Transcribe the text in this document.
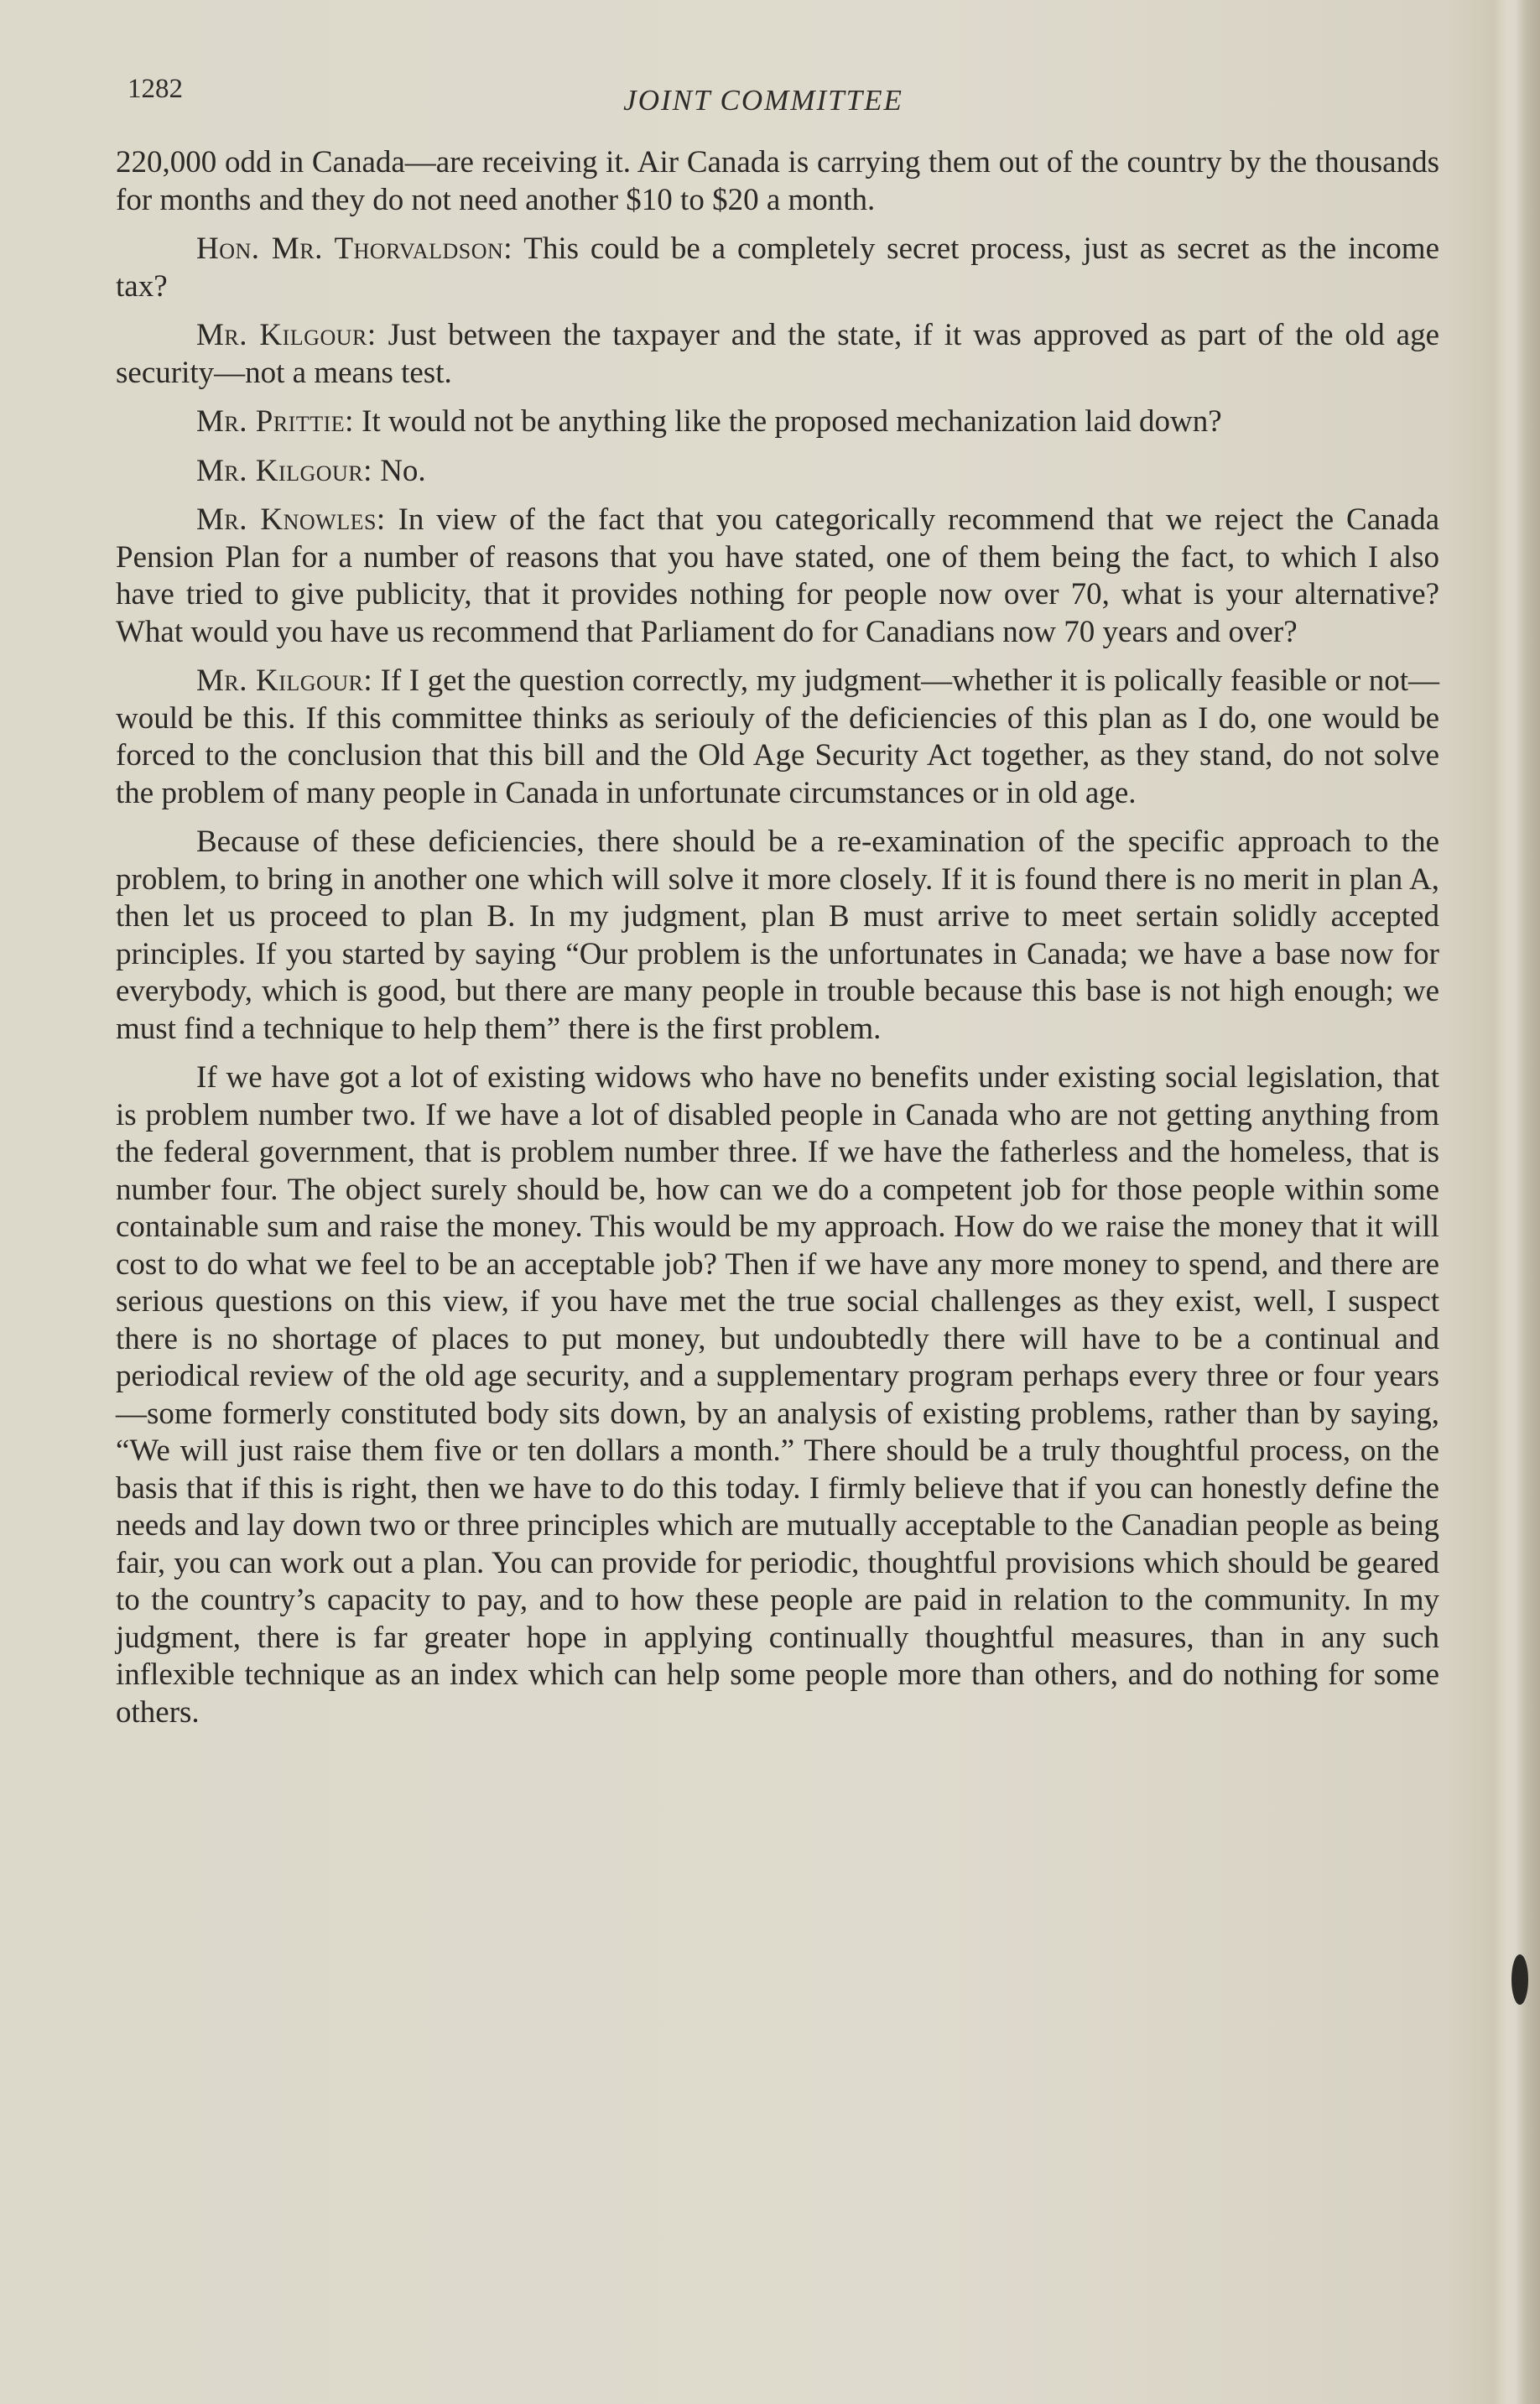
1282	JOINT COMMITTEE

220,000 odd in Canada—are receiving it. Air Canada is carrying them out of the country by the thousands for months and they do not need another $10 to $20 a month.

Hon. Mr. Thorvaldson: This could be a completely secret process, just as secret as the income tax?

Mr. Kilgour: Just between the taxpayer and the state, if it was approved as part of the old age security—not a means test.

Mr. Prittie: It would not be anything like the proposed mechanization laid down?

Mr. Kilgour: No.

Mr. Knowles: In view of the fact that you categorically recommend that we reject the Canada Pension Plan for a number of reasons that you have stated, one of them being the fact, to which I also have tried to give publicity, that it provides nothing for people now over 70, what is your alternative? What would you have us recommend that Parliament do for Canadians now 70 years and over?

Mr. Kilgour: If I get the question correctly, my judgment—whether it is polically feasible or not—would be this. If this committee thinks as seriouly of the deficiencies of this plan as I do, one would be forced to the conclusion that this bill and the Old Age Security Act together, as they stand, do not solve the problem of many people in Canada in unfortunate circumstances or in old age.

Because of these deficiencies, there should be a re-examination of the specific approach to the problem, to bring in another one which will solve it more closely. If it is found there is no merit in plan A, then let us proceed to plan B. In my judgment, plan B must arrive to meet sertain solidly accepted principles. If you started by saying “Our problem is the unfortunates in Canada; we have a base now for everybody, which is good, but there are many people in trouble because this base is not high enough; we must find a technique to help them” there is the first problem.

If we have got a lot of existing widows who have no benefits under existing social legislation, that is problem number two. If we have a lot of disabled people in Canada who are not getting anything from the federal government, that is problem number three. If we have the fatherless and the homeless, that is number four. The object surely should be, how can we do a competent job for those people within some containable sum and raise the money. This would be my approach. How do we raise the money that it will cost to do what we feel to be an acceptable job? Then if we have any more money to spend, and there are serious questions on this view, if you have met the true social challenges as they exist, well, I suspect there is no shortage of places to put money, but undoubtedly there will have to be a continual and periodical review of the old age security, and a supplementary program perhaps every three or four years—some formerly constituted body sits down, by an analysis of existing problems, rather than by saying, “We will just raise them five or ten dollars a month.” There should be a truly thoughtful process, on the basis that if this is right, then we have to do this today. I firmly believe that if you can honestly define the needs and lay down two or three principles which are mutually acceptable to the Canadian people as being fair, you can work out a plan. You can provide for periodic, thoughtful provisions which should be geared to the country’s capacity to pay, and to how these people are paid in relation to the community. In my judgment, there is far greater hope in applying continually thoughtful measures, than in any such inflexible technique as an index which can help some people more than others, and do nothing for some others.
